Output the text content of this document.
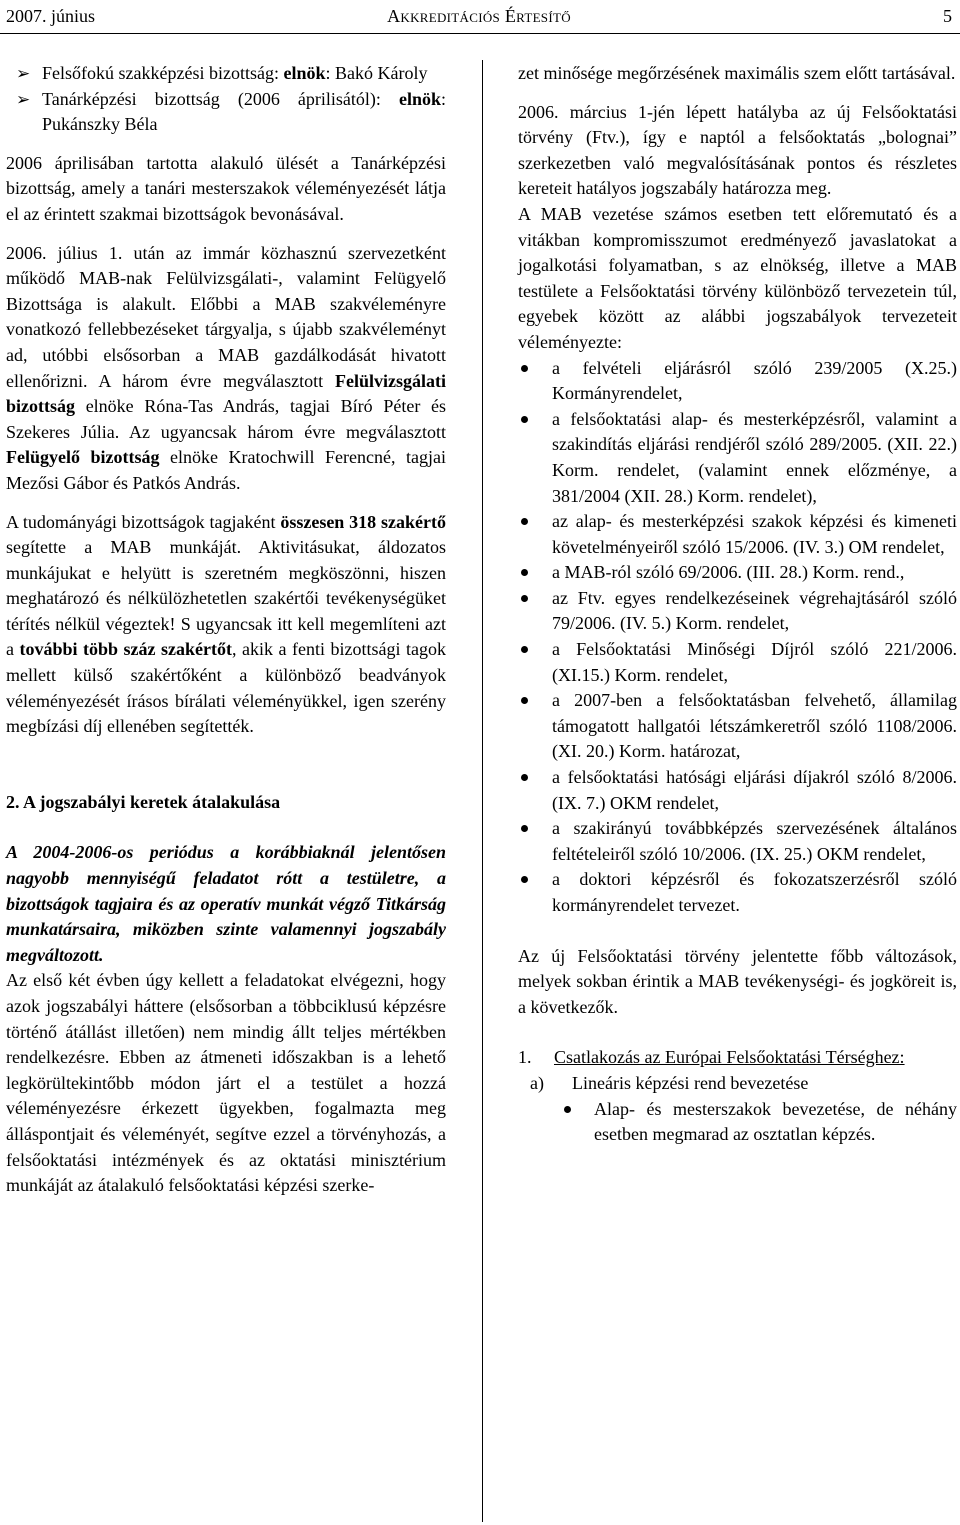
2007. június	Akkreditációs Értesítő	5
➢ Felsőfokú szakképzési bizottság: elnök: Bakó Károly
➢ Tanárképzési bizottság (2006 áprilisától): elnök: Pukánszky Béla

2006 áprilisában tartotta alakuló ülését a Tanárképzési bizottság, amely a tanári mesterszakok véleményezését látja el az érintett szakmai bizottságok bevonásával.

2006. július 1. után az immár közhasznú szervezetként működő MAB-nak Felülvizsgálati-, valamint Felügyelő Bizottsága is alakult. Előbbi a MAB szakvéleményre vonatkozó fellebbezéseket tárgyalja, s újabb szakvéleményt ad, utóbbi elsősorban a MAB gazdálkodását hivatott ellenőrizni. A három évre megválasztott Felülvizsgálati bizottság elnöke Róna-Tas András, tagjai Bíró Péter és Szekeres Júlia. Az ugyancsak három évre megválasztott Felügyelő bizottság elnöke Kratochwill Ferencné, tagjai Mezősi Gábor és Patkós András.

A tudományági bizottságok tagjaként összesen 318 szakértő segítette a MAB munkáját. Aktivitásukat, áldozatos munkájukat e helyütt is szeretném megköszönni, hiszen meghatározó és nélkülözhetetlen szakértői tevékenységüket térítés nélkül végeztek! S ugyancsak itt kell megemlíteni azt a további több száz szakértőt, akik a fenti bizottsági tagok mellett külső szakértőként a különböző beadványok véleményezését írásos bírálati véleményükkel, igen szerény megbízási díj ellenében segítették.

2. A jogszabályi keretek átalakulása

A 2004-2006-os periódus a korábbiaknál jelentősen nagyobb mennyiségű feladatot rótt a testületre, a bizottságok tagjaira és az operatív munkát végző Titkárság munkatársaira, miközben szinte valamennyi jogszabály megváltozott.

Az első két évben úgy kellett a feladatokat elvégezni, hogy azok jogszabályi háttere (elsősorban a többciklusú képzésre történő átállást illetően) nem mindig állt teljes mértékben rendelkezésre. Ebben az átmeneti időszakban is a lehető legkörültekintőbb módon járt el a testület a hozzá véleményezésre érkezett ügyekben, fogalmazta meg álláspontjait és véleményét, segítve ezzel a törvényhozás, a felsőoktatási intézmények és az oktatási minisztérium munkáját az átalakuló felsőoktatási képzési szerke-

zet minősége megőrzésének maximális szem előtt tartásával.

2006. március 1-jén lépett hatályba az új Felsőoktatási törvény (Ftv.), így e naptól a felsőoktatás „bolognai” szerkezetben való megvalósításának pontos és részletes kereteit hatályos jogszabály határozza meg.

A MAB vezetése számos esetben tett előremutató és a vitákban kompromisszumot eredményező javaslatokat a jogalkotási folyamatban, s az elnökség, illetve a MAB testülete a Felsőoktatási törvény különböző tervezetein túl, egyebek között az alábbi jogszabályok tervezeteit véleményezte:

a felvételi eljárásról szóló 239/2005 (X.25.) Kormányrendelet,
a felsőoktatási alap- és mesterképzésről, valamint a szakindítás eljárási rendjéről szóló 289/2005. (XII. 22.) Korm. rendelet, (valamint ennek előzménye, a 381/2004 (XII. 28.) Korm. rendelet),
az alap- és mesterképzési szakok képzési és kimeneti követelményeiről szóló 15/2006. (IV. 3.) OM rendelet,
a MAB-ról szóló 69/2006. (III. 28.) Korm. rend.,
az Ftv. egyes rendelkezéseinek végrehajtásáról szóló 79/2006. (IV. 5.) Korm. rendelet,
a Felsőoktatási Minőségi Díjról szóló 221/2006. (XI.15.) Korm. rendelet,
a 2007-ben a felsőoktatásban felvehető, államilag támogatott hallgatói létszámkeretről szóló 1108/2006. (XI. 20.) Korm. határozat,
a felsőoktatási hatósági eljárási díjakról szóló 8/2006. (IX. 7.) OKM rendelet,
a szakirányú továbbképzés szervezésének általános feltételeiről szóló 10/2006. (IX. 25.) OKM rendelet,
a doktori képzésről és fokozatszerzésről szóló kormányrendelet tervezet.

Az új Felsőoktatási törvény jelentette főbb változások, melyek sokban érintik a MAB tevékenységi- és jogköreit is, a következők.

1. Csatlakozás az Európai Felsőoktatási Térséghez:
a) Lineáris képzési rend bevezetése
Alap- és mesterszakok bevezetése, de néhány esetben megmarad az osztatlan képzés.
